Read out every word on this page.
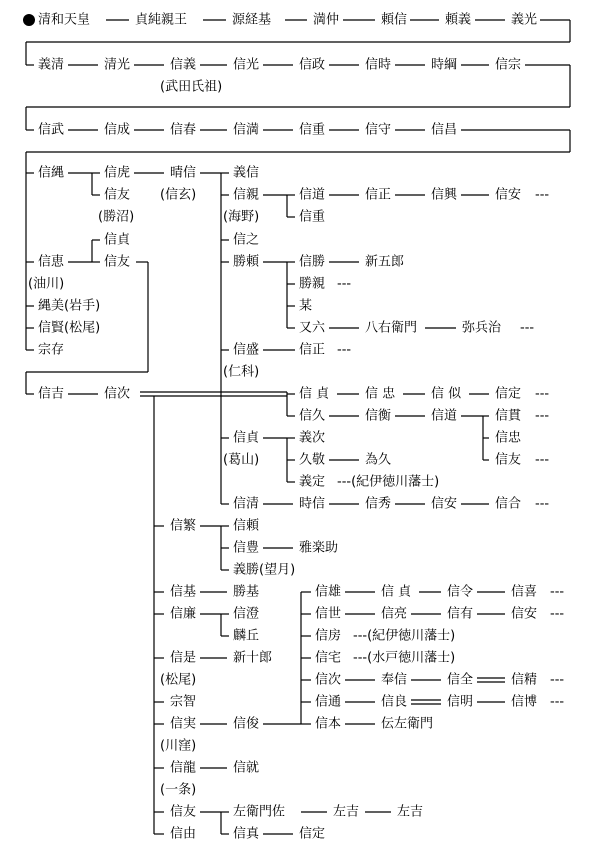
清和天皇	貞純親王	源経基	満仲	頼信	頼義	義光
義清	清光	信義
(武田氏祖)
信光	信政	信時	時綱	信宗
信武	信成	信春	信満	信重	信守	信昌
信縄	信虎	晴信
(信玄)
信友
(勝沼)
義信
信親
(海野)
信道	信正	信興	信安 ---
信重
信貞	信之
信恵
(油川)
信友	勝頼	信勝	新五郎
勝親 ---
縄美(岩手)	某
信賢(松尾)	又六	八右衛門	弥兵治 ---
宗存	信盛
(仁科)
信正 ---
信吉	信次	信 貞	信 忠	信 似	信定 ---
信久	信衡	信道	信貫 ---
信貞
(葛山)
義次	信忠
久敬	為久	信友 ---
義定 ---(紀伊徳川藩士)
信清	時信	信秀	信安	信合 ---
信繁	信頼
信豊	雅楽助
義勝(望月)
信基	勝基
信廉	信澄
麟丘
信是	新十郎
(松尾)
宗智
信実	信俊
(川窪)
信龍	信就
(一条)
信友	左衛門佐	左吉	左吉
信由	信真	信定
信雄	信 貞	信令	信喜 ---
信世	信亮	信有	信安 ---
信房 ---(紀伊徳川藩士)
信宅 ---(水戸徳川藩士)
信次	奉信	信全	信精 ---
信通	信良	信明	信博 ---
信本	伝左衛門
